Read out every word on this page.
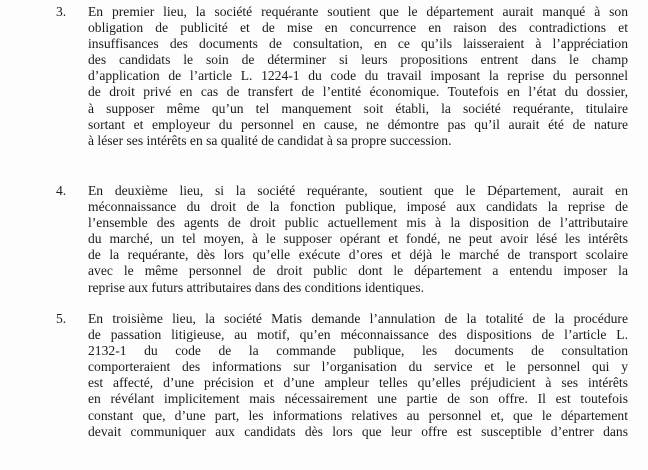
3.	En premier lieu, la société requérante soutient que le département aurait manqué à son
obligation de publicité et de mise en concurrence en raison des contradictions et
insuffisances des documents de consultation, en ce qu’ils laisseraient à l’appréciation
des candidats le soin de déterminer si leurs propositions entrent dans le champ
d’application de l’article L. 1224-1 du code du travail imposant la reprise du personnel
de droit privé en cas de transfert de l’entité économique. Toutefois en l’état du dossier,
à supposer même qu’un tel manquement soit établi, la société requérante, titulaire
sortant et employeur du personnel en cause, ne démontre pas qu’il aurait été de nature
à léser ses intérêts en sa qualité de candidat à sa propre succession.
4.	En deuxième lieu, si la société requérante, soutient que le Département, aurait en
méconnaissance du droit de la fonction publique, imposé aux candidats la reprise de
l’ensemble des agents de droit public actuellement mis à la disposition de l’attributaire
du marché, un tel moyen, à le supposer opérant et fondé, ne peut avoir lésé les intérêts
de la requérante, dès lors qu’elle exécute d’ores et déjà le marché de transport scolaire
avec le même personnel de droit public dont le département a entendu imposer la
reprise aux futurs attributaires dans des conditions identiques.
5.	En troisième lieu, la société Matis demande l’annulation de la totalité de la procédure
de passation litigieuse, au motif, qu’en méconnaissance des dispositions de l’article L.
2132-1 du code de la commande publique, les documents de consultation
comporteraient des informations sur l’organisation du service et le personnel qui y
est affecté, d’une précision et d’une ampleur telles qu’elles préjudicient à ses intérêts
en révélant implicitement mais nécessairement une partie de son offre. Il est toutefois
constant que, d’une part, les informations relatives au personnel et, que le département
devait communiquer aux candidats dès lors que leur offre est susceptible d’entrer dans
